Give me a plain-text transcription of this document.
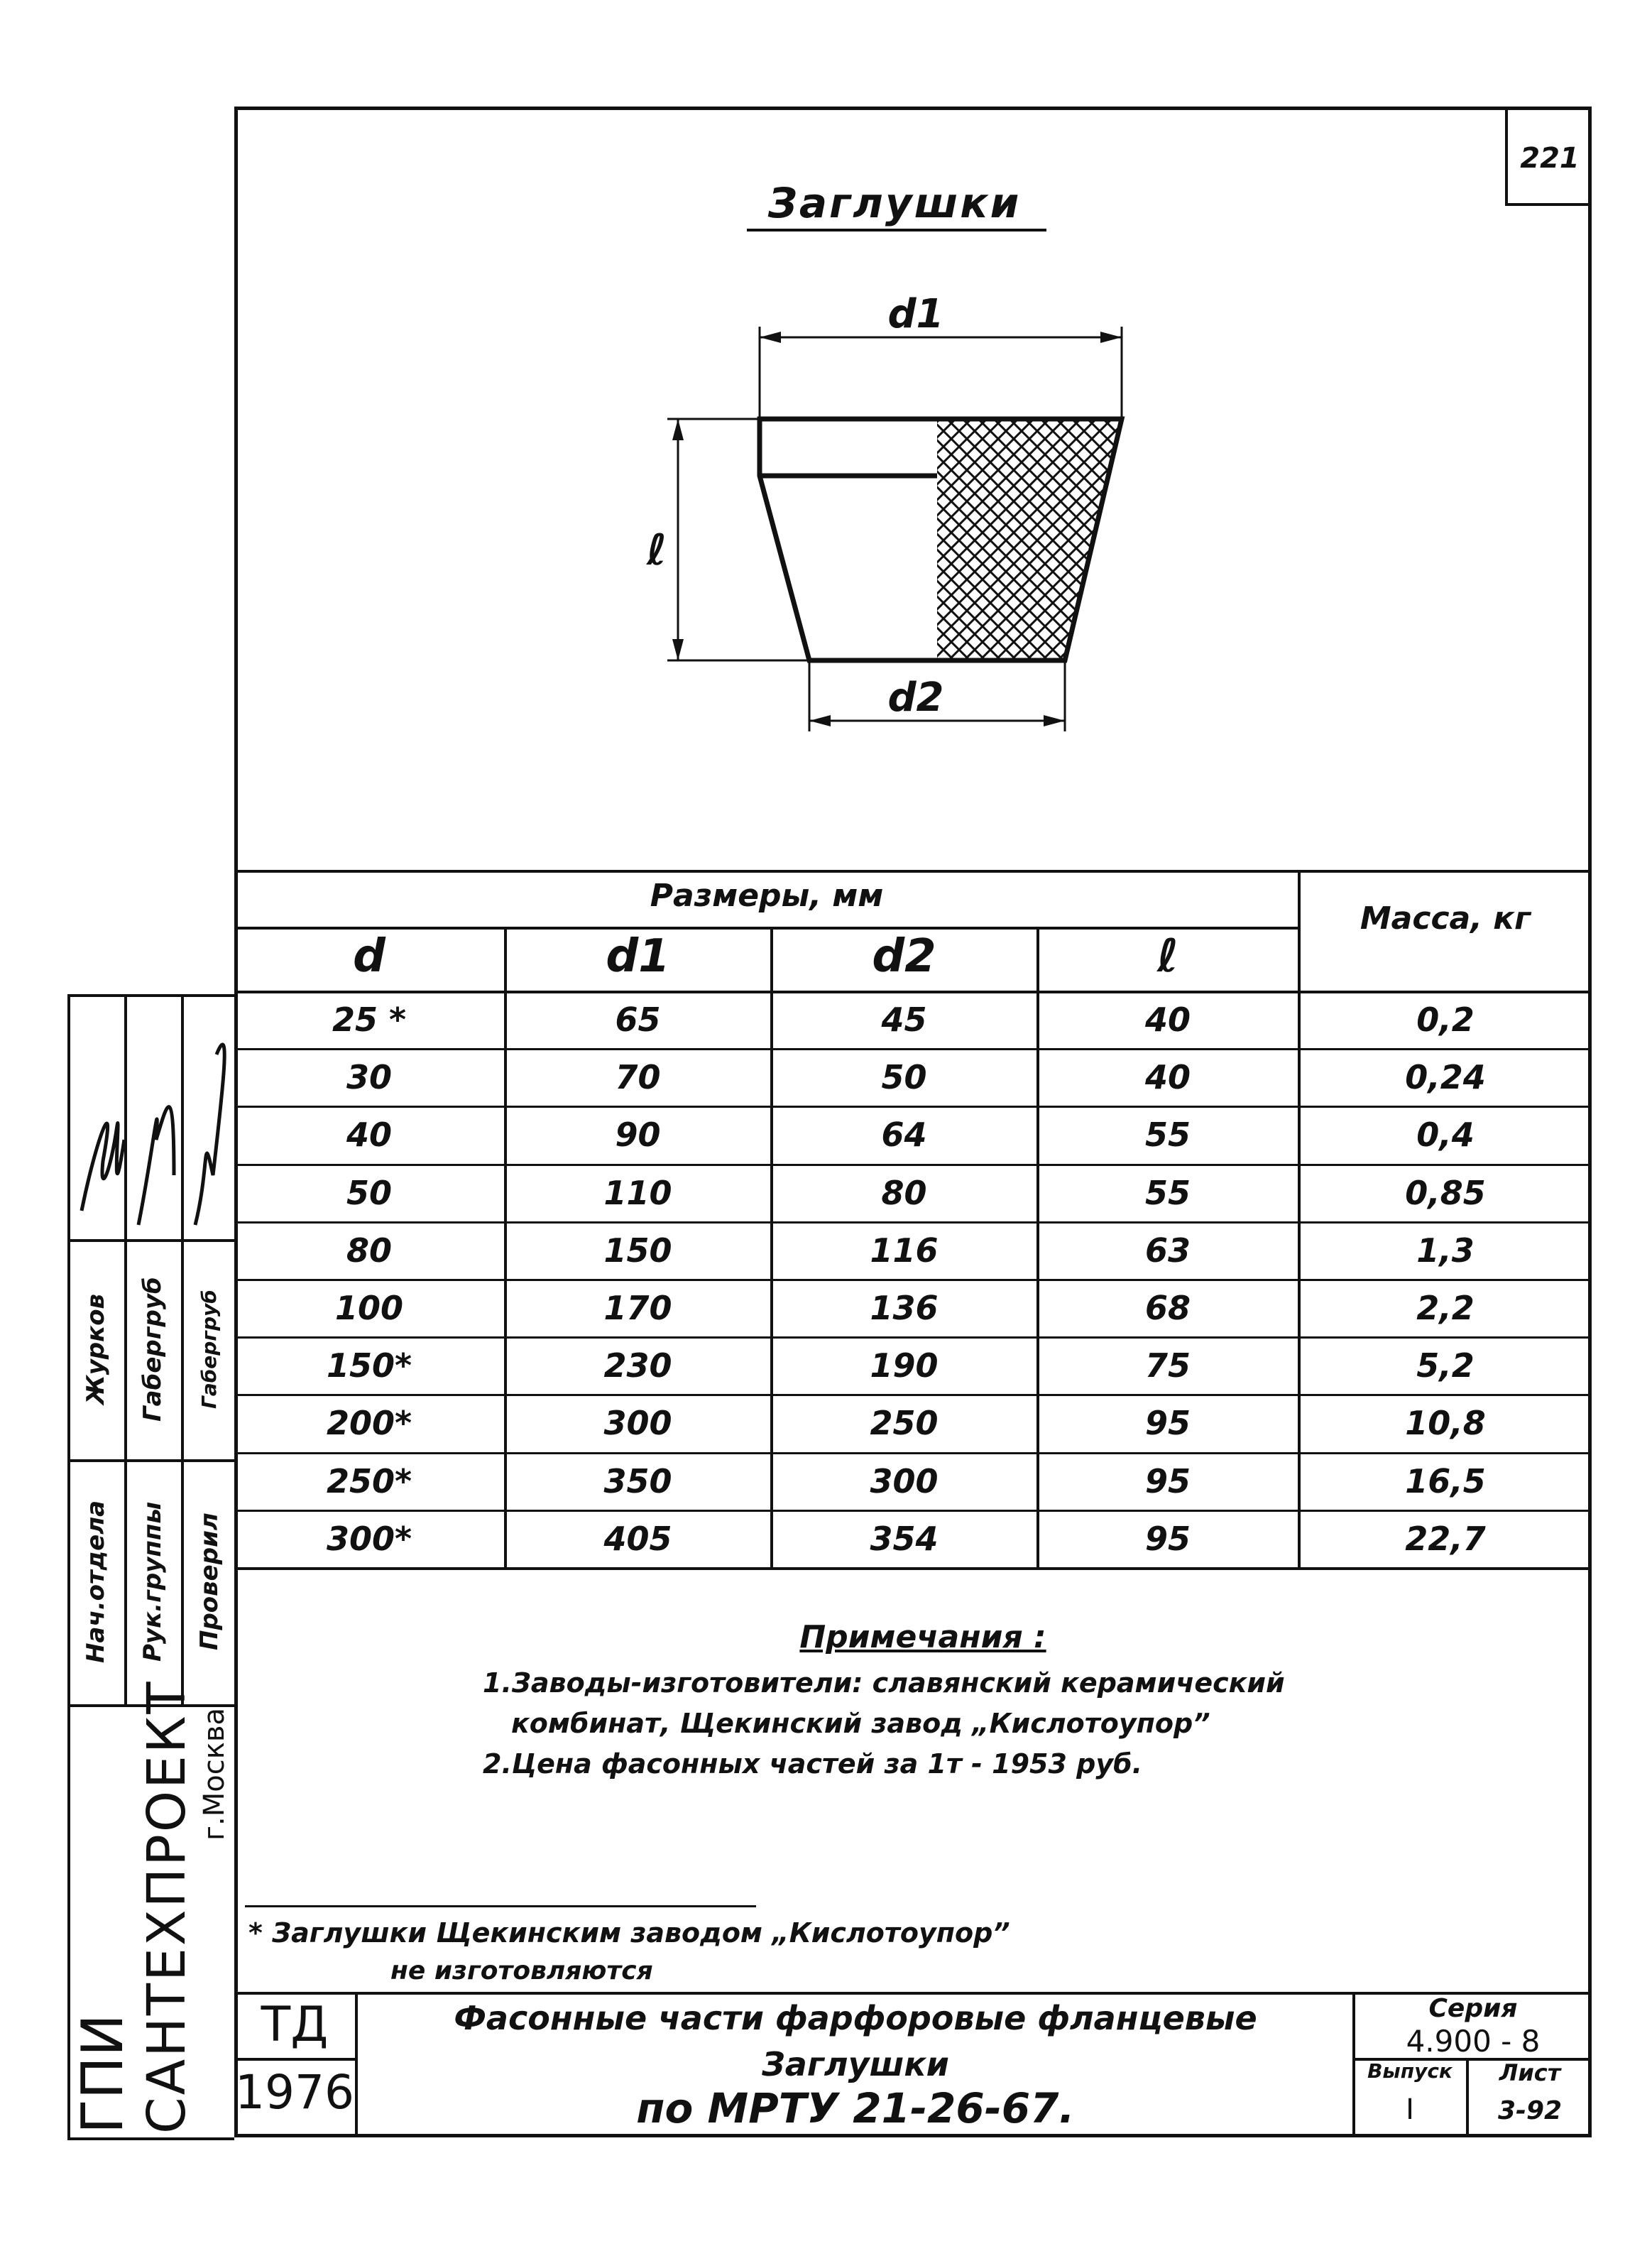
221
Заглушки
d1
d2
ℓ
Размеры, мм
Масса, кг
d	d1	d2	ℓ
25 *	65	45	40	0,2
30	70	50	40	0,24
40	90	64	55	0,4
50	110	80	55	0,85
80	150	116	63	1,3
100	170	136	68	2,2
150*	230	190	75	5,2
200*	300	250	95	10,8
250*	350	300	95	16,5
300*	405	354	95	22,7
Примечания :
1.Заводы-изготовители: славянский керамический
комбинат, Щекинский завод „Кислотоупор”
2.Цена фасонных частей за 1т - 1953 руб.
* Заглушки Щекинским заводом „Кислотоупор”
не изготовляются
ТД
1976
Фасонные части фарфоровые фланцевые
Заглушки
по МРТУ 21-26-67.
Серия
4.900 - 8
Выпуск	Лист
I	3-92
Нач.отдела	Рук.группы	Проверил
Журков	Габергруб	Габергруб
ГПИ САНТЕХПРОЕКТ г.Москва
